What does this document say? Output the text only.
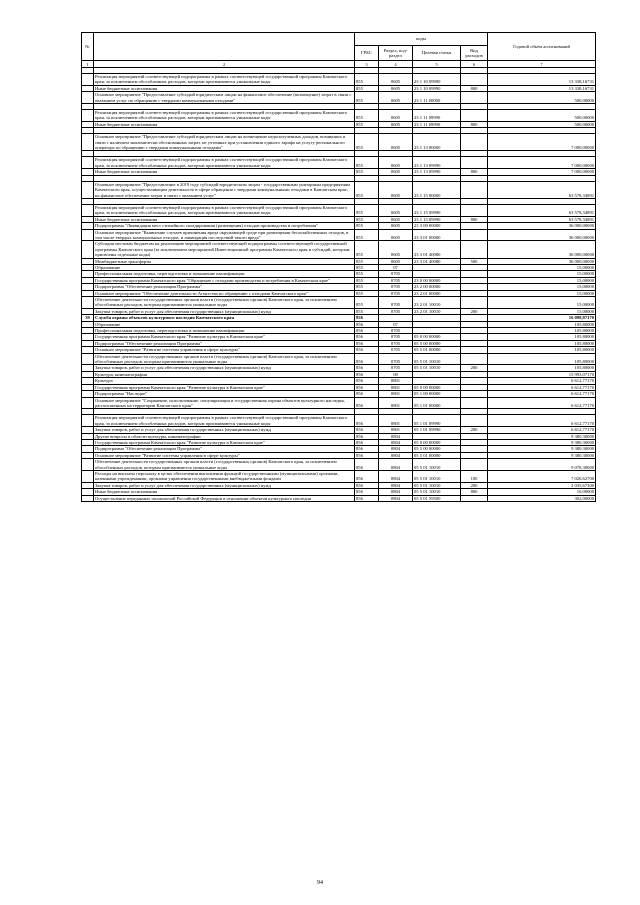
№		коды				Годовой объем ассигнований
		ГРБС	Раздел, под-раздел	Целевая статья	Вид расходов	
1	2	3	4	5	6	7

	Реализация мероприятий соответствующей подпрограммы в рамках соответствующей государственной программы Камчатского края, за исключением обособленных расходов, которым присваиваются уникальные коды	855	0605	23 1 10 09990		13 338,16731
	Иные бюджетные ассигнования	855	0605	23 1 10 09990	800	13 338,16731
	Основное мероприятие "Предоставление субсидий юридическим лицам на финансовое обеспечение (возмещение) затрат в связи с оказанием услуг по обращению с твердыми коммунальными отходами"	855	0605	23 1 11 00000		500,00000

	Реализация мероприятий соответствующей подпрограммы в рамках соответствующей государственной программы Камчатского края, за исключением обособленных расходов, которым присваиваются уникальные коды	855	0605	23 1 11 09990		500,00000
	Иные бюджетные ассигнования	855	0605	23 1 11 09990	800	500,00000

	Основное мероприятие "Предоставление субсидий юридическим лицам на возмещение недополученных доходов, возникших в связи с наличием экономически обоснованных затрат, не учтенных при установлении единого тарифа на услугу регионального оператора по обращению с твердыми коммунальными отходами"	855	0605	23 1 13 00000		7 000,00000

	Реализация мероприятий соответствующей подпрограммы в рамках соответствующей государственной программы Камчатского края, за исключением обособленных расходов, которым присваиваются уникальные коды	855	0605	23 1 13 09990		7 000,00000
	Иные бюджетные ассигнования	855	0605	23 1 13 09990	800	7 000,00000

	Основное мероприятие "Предоставление в 2019 году субсидий юридическим лицам - государственным унитарным предприятиям Камчатского края, осуществляющим деятельность в сфере обращения с твердыми коммунальными отходами в Камчатском крае, на финансовое обеспечение затрат в связи с оказанием услуг"	855	0605	23 1 15 00000		63 578,34891

	Реализация мероприятий соответствующей подпрограммы в рамках соответствующей государственной программы Камчатского края, за исключением обособленных расходов, которым присваиваются уникальные коды	855	0605	23 1 15 09990		63 578,34891
	Иные бюджетные ассигнования	855	0605	23 1 15 09990	800	63 578,34891
	Подпрограмма "Ликвидация мест стихийного складирования (размещения) отходов производства и потребления"	855	0605	23 3 00 00000		36 000,00000
	Основное мероприятие "Выявление случаев причинения вреда окружающей среде при размещении бесхозяйственных отходов, в том числе твердых коммунальных отходов, и ликвидация последствий такого вреда"	855	0605	23 3 01 00000		36 000,00000
	Субсидия местным бюджетам на реализацию мероприятий соответствующей подпрограммы соответствующей государственной программы Камчатского края (за исключением мероприятий Инвестиционной программы Камчатского края и субсидий, которым присвоены отдельные коды)	855	0605	23 3 01 40080		36 000,00000
	Межбюджетные трансферты	855	0605	23 3 01 40080	500	36 000,00000
	Образование	855	07			15,00000
	Профессиональная подготовка, переподготовка и повышение квалификации	855	0705			15,00000
	Государственная программа Камчатского края "Обращение с отходами производства и потребления в Камчатском крае"	855	0705	23 0 00 00000		15,00000
	Подпрограмма "Обеспечение реализации Программы"	855	0705	23 2 00 00000		15,00000
	Основное мероприятие "Обеспечение деятельности Агентства по обращению с отходами Камчатского края"	855	0705	23 2 01 00000		15,00000
	Обеспечение деятельности государственных органов власти (государственных органов) Камчатского края, за исключением обособленных расходов, которым присваиваются уникальные коды	855	0705	23 2 01 10010		15,00000
	Закупка товаров, работ и услуг для обеспечения государственных (муниципальных) нужд	855	0705	23 2 01 10010	200	15,00000
39	Служба охраны объектов культурного наследия Камчатского края	856				16 098,87170
	Образование	856	07			105,80000
	Профессиональная подготовка, переподготовка и повышение квалификации	856	0705			105,80000
	Государственная программа Камчатского края "Развитие культуры в Камчатском крае"	856	0705	05 0 00 00000		105,80000
	Подпрограмма "Обеспечение реализации Программы"	856	0705	05 5 00 00000		105,80000
	Основное мероприятие "Развитие системы управления в сфере культуры"	856	0705	05 5 01 00000		105,80000
	Обеспечение деятельности государственных органов власти (государственных органов) Камчатского края, за исключением обособленных расходов, которым присваиваются уникальные коды	856	0705	05 5 01 10010		105,80000
	Закупка товаров, работ и услуг для обеспечения государственных (муниципальных) нужд	856	0705	05 5 01 10010	200	105,80000
	Культура, кинематография	856	08			15 993,07170
	Культура	856	0801			6 612,77170
	Государственная программа Камчатского края "Развитие культуры в Камчатском крае"	856	0801	05 0 00 00000		6 612,77170
	Подпрограмма "Наследие"	856	0801	05 1 00 00000		6 612,77170
	Основное мероприятие "Сохранение, использование, популяризация и государственная охрана объектов культурного наследия, расположенных на территории Камчатского края"	856	0801	05 1 01 00000		6 612,77170

	Реализация мероприятий соответствующей подпрограммы в рамках соответствующей государственной программы Камчатского края, за исключением обособленных расходов, которым присваиваются уникальные коды	856	0801	05 1 01 09990		6 612,77170
	Закупка товаров, работ и услуг для обеспечения государственных (муниципальных) нужд	856	0801	05 1 01 09990	200	6 612,77170
	Другие вопросы в области культуры, кинематографии	856	0804			9 380,30000
	Государственная программа Камчатского края "Развитие культуры в Камчатском крае"	856	0804	05 0 00 00000		9 380,30000
	Подпрограмма "Обеспечение реализации Программы"	856	0804	05 5 00 00000		9 380,30000
	Основное мероприятие "Развитие системы управления в сфере культуры"	856	0804	05 5 01 00000		9 380,30000
	Обеспечение деятельности государственных органов власти (государственных органов) Камчатского края, за исключением обособленных расходов, которым присваиваются уникальные коды	856	0804	05 5 01 10010		9 078,30000
	Расходы на выплаты персоналу в целях обеспечения выполнения функций государственными (муниципальными) органами, казенными учреждениями, органами управления государственными внебюджетными фондами	856	0804	05 5 01 10010	100	7 026,62700
	Закупка товаров, работ и услуг для обеспечения государственных (муниципальных) нужд	856	0804	05 5 01 10010	200	2 035,67300
	Иные бюджетные ассигнования	856	0804	05 5 01 10010	800	16,00000
	Осуществление переданных полномочий Российской Федерации в отношении объектов культурного наследия	856	0804	05 5 01 59500		302,00000
94
